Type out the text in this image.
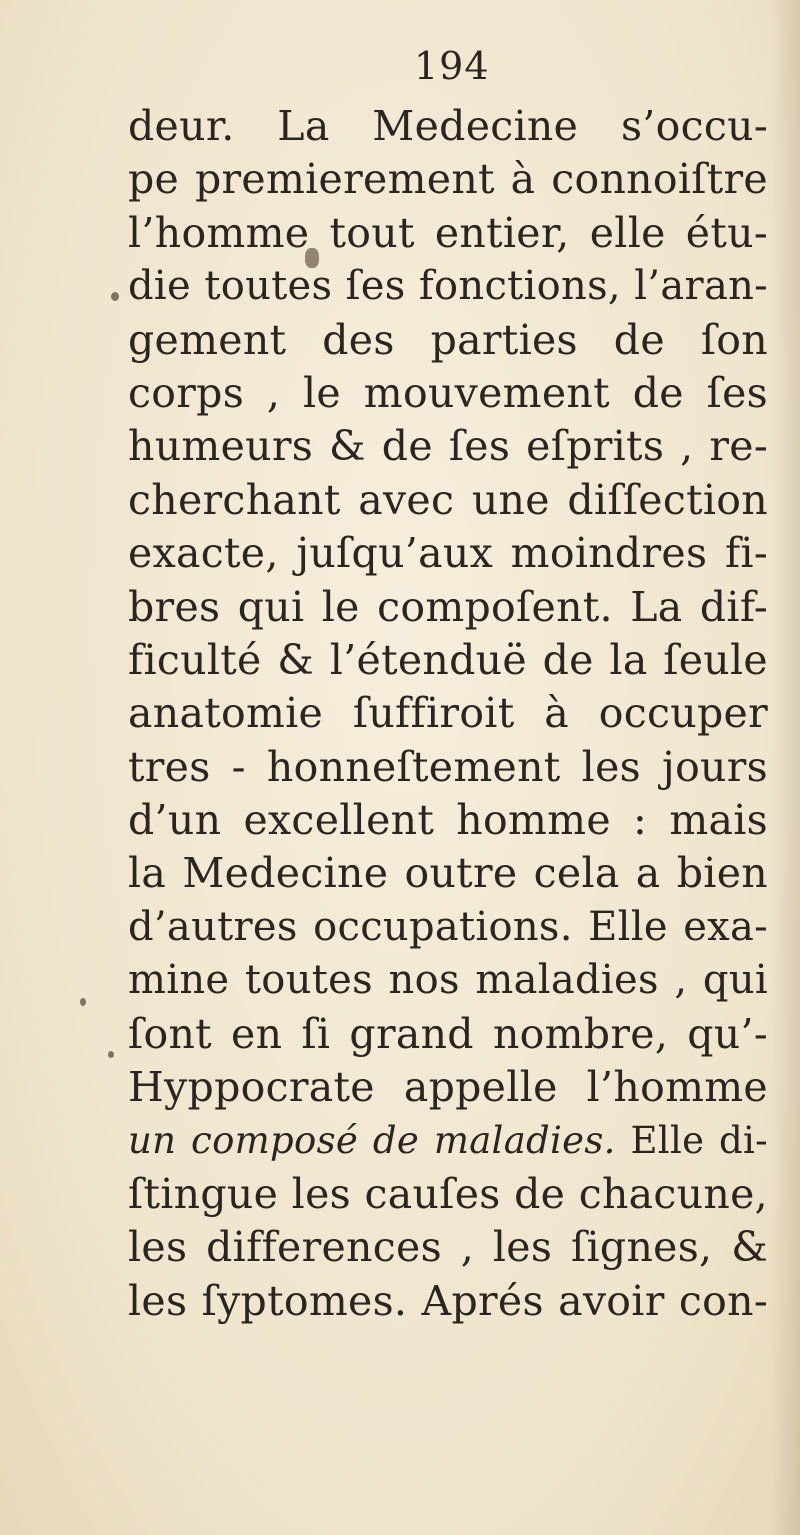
194
deur. La Medecine s’occu-
pe premierement à connoiſtre
l’homme tout entier, elle étu-
die toutes ſes fonctions, l’aran-
gement des parties de ſon
corps , le mouvement de ſes
humeurs & de ſes eſprits , re-
cherchant avec une diſſection
exacte, juſqu’aux moindres fi-
bres qui le compoſent. La dif-
ficulté & l’étenduë de la ſeule
anatomie ſuffiroit à occuper
tres - honneſtement les jours
d’un excellent homme : mais
la Medecine outre cela a bien
d’autres occupations. Elle exa-
mine toutes nos maladies , qui
ſont en ſi grand nombre, qu’-
Hyppocrate appelle l’homme
un composé de maladies. Elle di-
ſtingue les cauſes de chacune,
les differences , les ſignes, &
les ſyptomes. Aprés avoir con-
